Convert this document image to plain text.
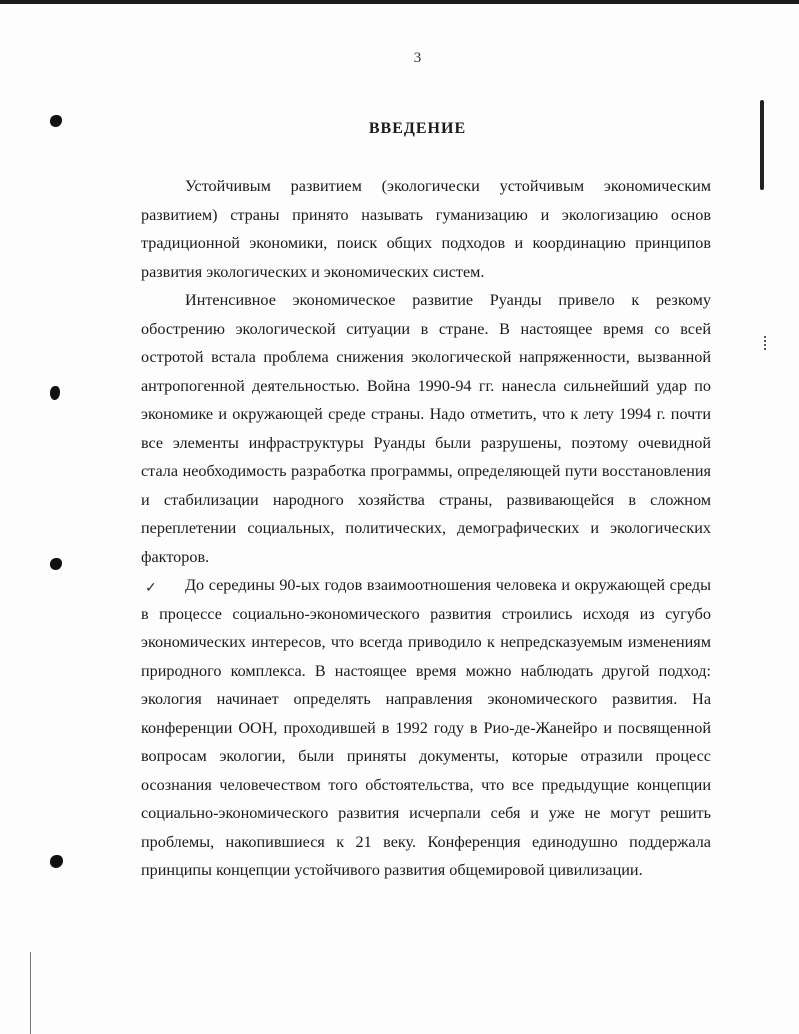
✓
3
ВВЕДЕНИЕ

Устойчивым развитием (экологически устойчивым экономическим развитием) страны принято называть гуманизацию и экологизацию основ традиционной экономики, поиск общих подходов и координацию принципов развития экологических и экономических систем.

Интенсивное экономическое развитие Руанды привело к резкому обострению экологической ситуации в стране. В настоящее время со всей остротой встала проблема снижения экологической напряженности, вызванной антропогенной деятельностью. Война 1990-94 гг. нанесла сильнейший удар по экономике и окружающей среде страны. Надо отметить, что к лету 1994 г. почти все элементы инфраструктуры Руанды были разрушены, поэтому очевидной стала необходимость разработка программы, определяющей пути восстановления и стабилизации народного хозяйства страны, развивающейся в сложном переплетении социальных, политических, демографических и экологических факторов.

До середины 90-ых годов взаимоотношения человека и окружающей среды в процессе социально-экономического развития строились исходя из сугубо экономических интересов, что всегда приводило к непредсказуемым изменениям природного комплекса. В настоящее время можно наблюдать другой подход: экология начинает определять направления экономического развития. На конференции ООН, проходившей в 1992 году в Рио-де-Жанейро и посвященной вопросам экологии, были приняты документы, которые отразили процесс осознания человечеством того обстоятельства, что все предыдущие концепции социально-экономического развития исчерпали себя и уже не могут решить проблемы, накопившиеся к 21 веку. Конференция единодушно поддержала принципы концепции устойчивого развития общемировой цивилизации.
